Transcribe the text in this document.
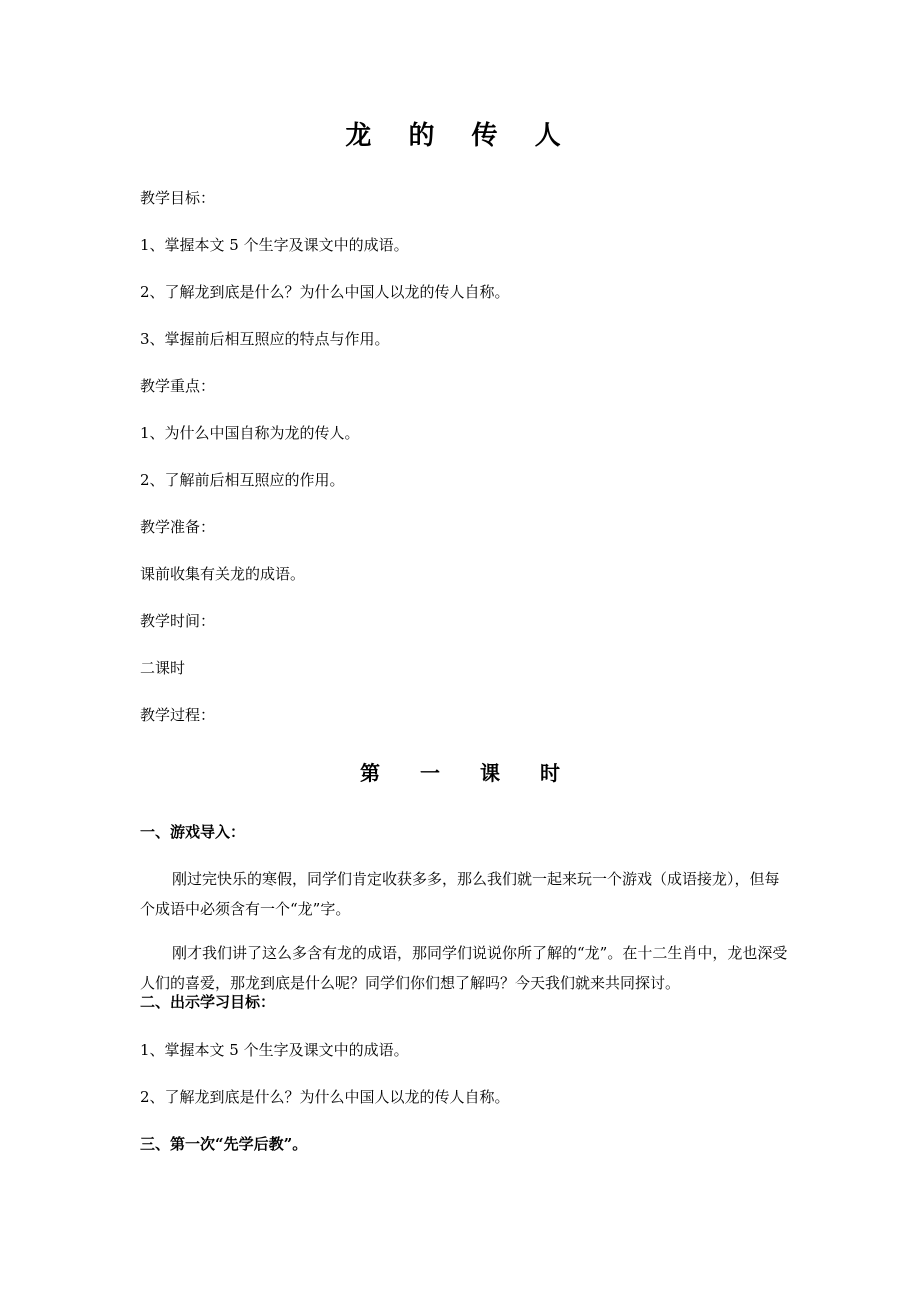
龙 的 传 人
教学目标：
1、掌握本文 5 个生字及课文中的成语。
2、了解龙到底是什么？为什么中国人以龙的传人自称。
3、掌握前后相互照应的特点与作用。
教学重点：
1、为什么中国自称为龙的传人。
2、了解前后相互照应的作用。
教学准备：
课前收集有关龙的成语。
教学时间：
二课时
教学过程：
第 一 课 时
一、游戏导入：
刚过完快乐的寒假，同学们肯定收获多多，那么我们就一起来玩一个游戏（成语接龙），但每个成语中必须含有一个“龙”字。
刚才我们讲了这么多含有龙的成语，那同学们说说你所了解的“龙”。在十二生肖中，龙也深受人们的喜爱，那龙到底是什么呢？同学们你们想了解吗？今天我们就来共同探讨。
二、出示学习目标：
1、掌握本文 5 个生字及课文中的成语。
2、了解龙到底是什么？为什么中国人以龙的传人自称。
三、第一次“先学后教”。
